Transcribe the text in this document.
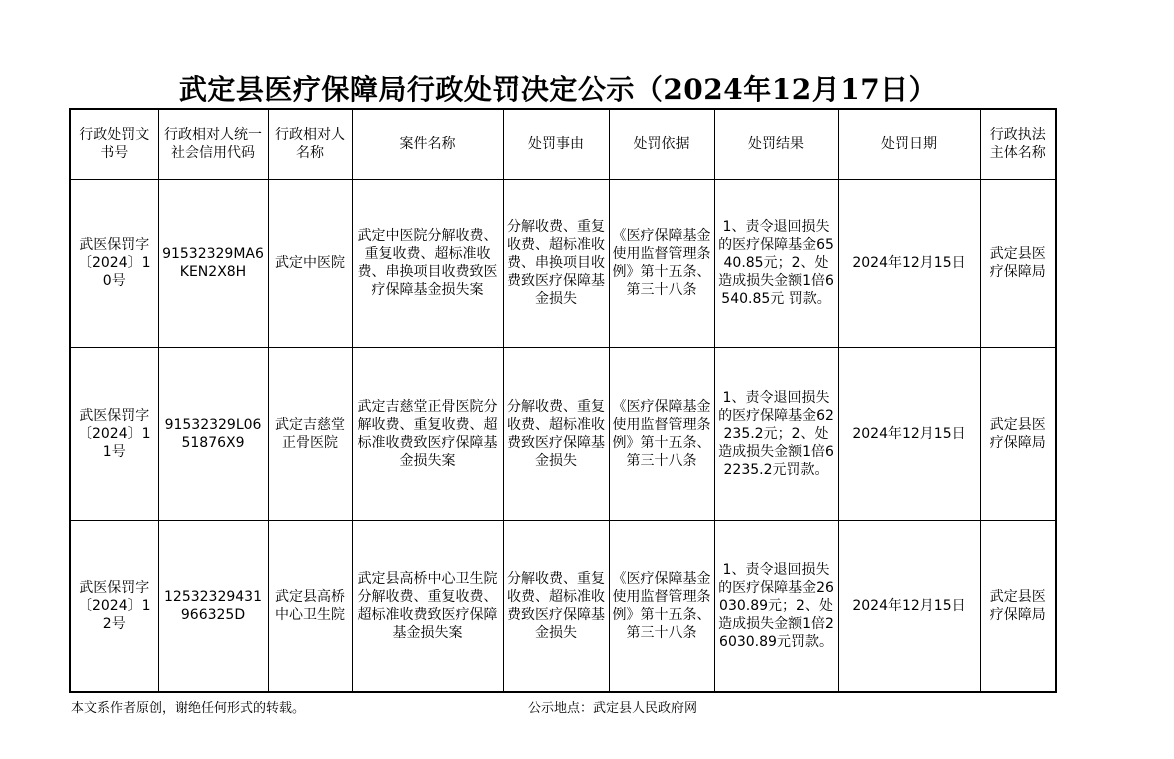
武定县医疗保障局行政处罚决定公示（2024年12月17日）
行政处罚文书号	行政相对人统一社会信用代码	行政相对人名称	案件名称	处罚事由	处罚依据	处罚结果	处罚日期	行政执法主体名称
武医保罚字〔2024〕10号	91532329MA6KEN2X8H	武定中医院	武定中医院分解收费、重复收费、超标准收费、串换项目收费致医疗保障基金损失案	分解收费、重复收费、超标准收费、串换项目收费致医疗保障基金损失	《医疗保障基金使用监督管理条例》第十五条、第三十八条	1、责令退回损失的医疗保障基金6540.85元；2、处造成损失金额1倍6540.85元 罚款。	2024年12月15日	武定县医疗保障局
武医保罚字〔2024〕11号	91532329L0651876X9	武定吉慈堂正骨医院	武定吉慈堂正骨医院分解收费、重复收费、超标准收费致医疗保障基金损失案	分解收费、重复收费、超标准收费致医疗保障基金损失	《医疗保障基金使用监督管理条例》第十五条、第三十八条	1、责令退回损失的医疗保障基金62235.2元；2、处造成损失金额1倍62235.2元罚款。	2024年12月15日	武定县医疗保障局
武医保罚字〔2024〕12号	12532329431966325D	武定县高桥中心卫生院	武定县高桥中心卫生院 分解收费、重复收费、超标准收费致医疗保障基金损失案	分解收费、重复收费、超标准收费致医疗保障基金损失	《医疗保障基金使用监督管理条例》第十五条、第三十八条	1、责令退回损失的医疗保障基金26030.89元；2、处造成损失金额1倍26030.89元罚款。	2024年12月15日	武定县医疗保障局
本文系作者原创，谢绝任何形式的转载。	公示地点：武定县人民政府网
